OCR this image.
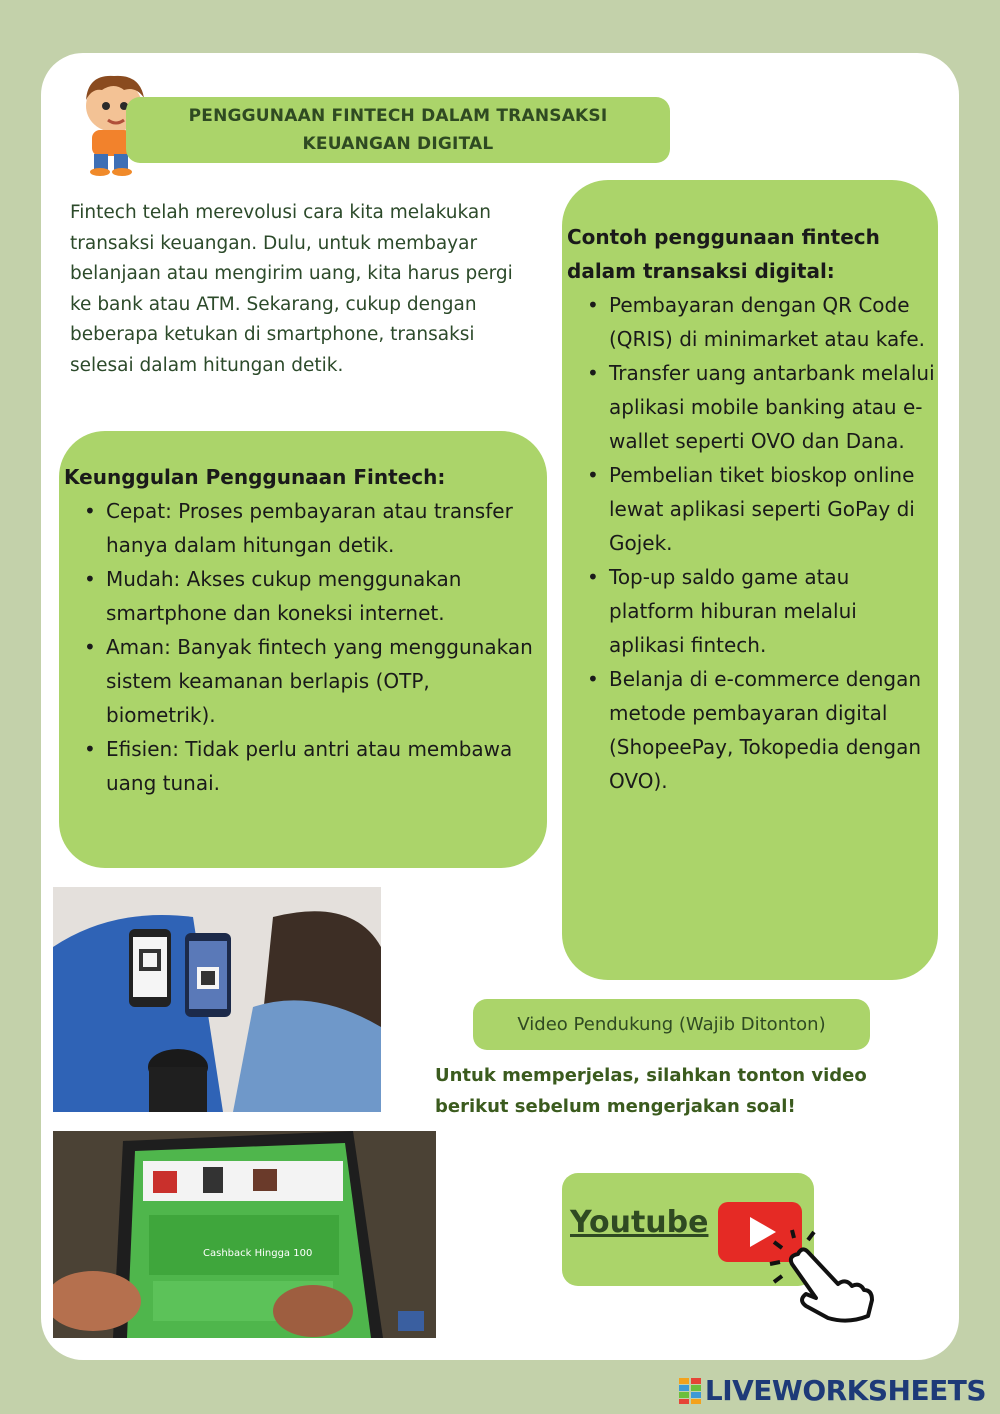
PENGGUNAAN FINTECH DALAM TRANSAKSI
KEUANGAN DIGITAL
Fintech telah merevolusi cara kita melakukan transaksi keuangan. Dulu, untuk membayar belanjaan atau mengirim uang, kita harus pergi ke bank atau ATM. Sekarang, cukup dengan beberapa ketukan di smartphone, transaksi selesai dalam hitungan detik.
Keunggulan Penggunaan Fintech:
• Cepat: Proses pembayaran atau transfer hanya dalam hitungan detik.
• Mudah: Akses cukup menggunakan smartphone dan koneksi internet.
• Aman: Banyak fintech yang menggunakan sistem keamanan berlapis (OTP, biometrik).
• Efisien: Tidak perlu antri atau membawa uang tunai.
Contoh penggunaan fintech dalam transaksi digital:
• Pembayaran dengan QR Code (QRIS) di minimarket atau kafe.
• Transfer uang antarbank melalui aplikasi mobile banking atau e-wallet seperti OVO dan Dana.
• Pembelian tiket bioskop online lewat aplikasi seperti GoPay di Gojek.
• Top-up saldo game atau platform hiburan melalui aplikasi fintech.
• Belanja di e-commerce dengan metode pembayaran digital (ShopeePay, Tokopedia dengan OVO).
Cashback Hingga 100
Video Pendukung (Wajib Ditonton)
Untuk memperjelas, silahkan tonton video berikut sebelum mengerjakan soal!
Youtube
LIVEWORKSHEETS
